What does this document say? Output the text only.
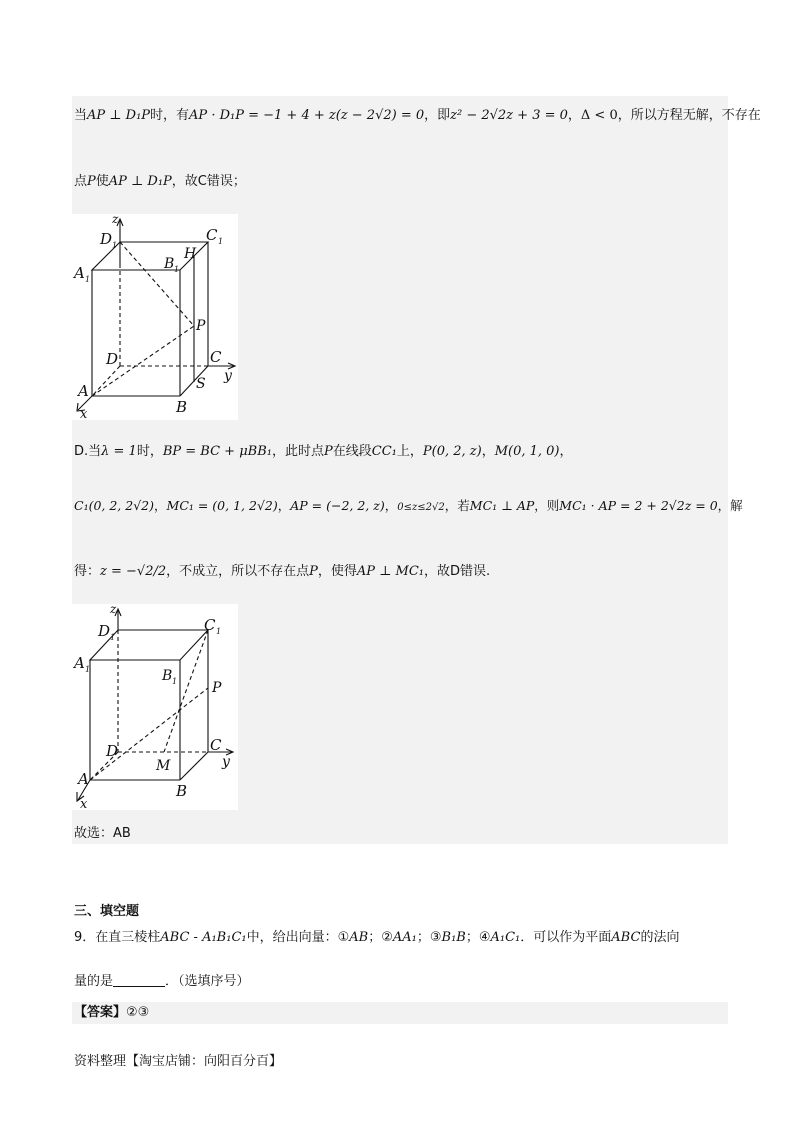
当AP ⊥ D₁P时，有AP · D₁P = −1 + 4 + z(z − 2√2) = 0，即z² − 2√2z + 3 = 0，Δ < 0，所以方程无解，不存在
点P使AP ⊥ D₁P，故C错误；
z
D 1
C 1
H
A 1
B 1
P
D	C
y
A	S
B
x
D.当λ = 1时，BP = BC + μBB₁，此时点P在线段CC₁上，P(0, 2, z)，M(0, 1, 0)，
C₁(0, 2, 2√2)，MC₁ = (0, 1, 2√2)，AP = (−2, 2, z)，0≤z≤2√2，若MC₁ ⊥ AP，则MC₁ · AP = 2 + 2√2z = 0，解
得：z = −√2/2，不成立，所以不存在点P，使得AP ⊥ MC₁，故D错误.
z
D 1
C 1
A 1	B 1 P
D	C
M	y
A
B
x
故选：AB
三、填空题
9．在直三棱柱ABC - A₁B₁C₁中，给出向量：①AB；②AA₁；③B₁B；④A₁C₁．可以作为平面ABC的法向
量的是	．（选填序号）
【答案】②③
资料整理【淘宝店铺：向阳百分百】
